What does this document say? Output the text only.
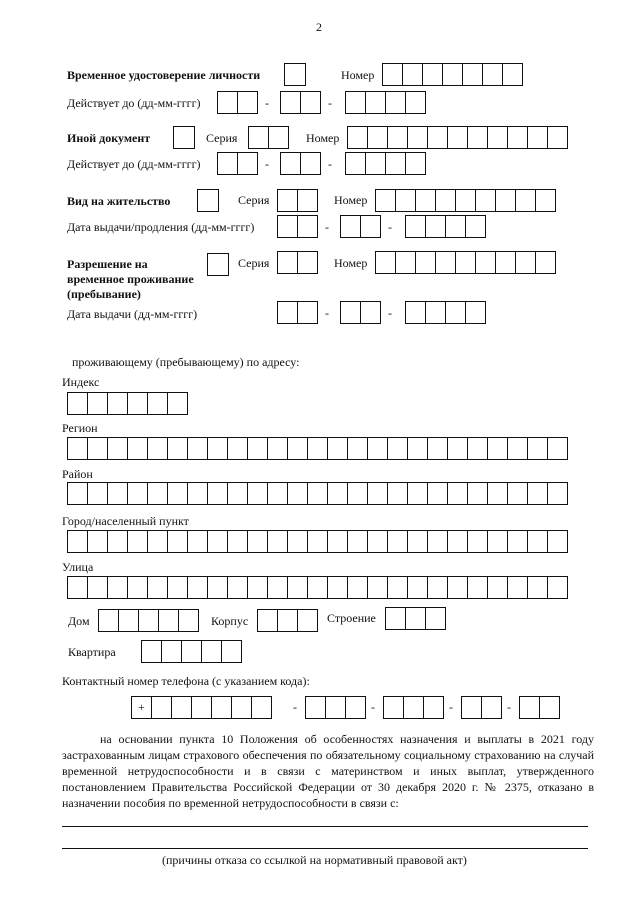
2
Временное удостоверение личности	Номер
Действует до (дд-мм-гггг)	-	-
Иной документ	Серия	Номер
Действует до (дд-мм-гггг)	-	-
Вид на жительство	Серия	Номер
Дата выдачи/продления (дд-мм-гггг)	-	-
Разрешение на
временное проживание
(пребывание)
Серия	Номер
Дата выдачи (дд-мм-гггг)	-	-
проживающему (пребывающему) по адресу:
Индекс
Регион
Район
Город/населенный пункт
Улица
Дом	Корпус	Строение
Квартира
Контактный номер телефона (с указанием кода):
+	-	-	-	-
на основании пункта 10 Положения об особенностях назначения и выплаты в 2021 году застрахованным лицам страхового обеспечения по обязательному социальному страхованию на случай временной нетрудоспособности и в связи с материнством и иных выплат, утвержденного постановлением Правительства Российской Федерации от 30 декабря 2020 г. № 2375, отказано в назначении пособия по временной нетрудоспособности в связи с:
(причины отказа со ссылкой на нормативный правовой акт)
